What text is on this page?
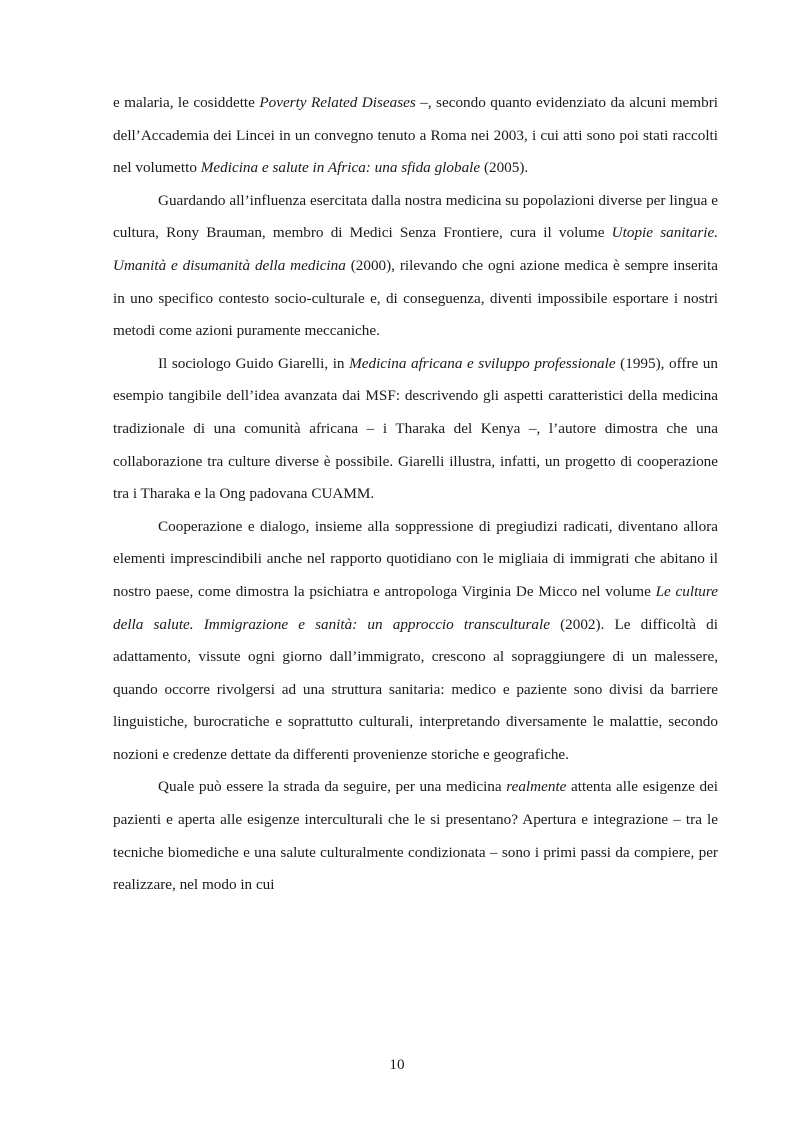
e malaria, le cosiddette Poverty Related Diseases –, secondo quanto evidenziato da alcuni membri dell’Accademia dei Lincei in un convegno tenuto a Roma nei 2003, i cui atti sono poi stati raccolti nel volumetto Medicina e salute in Africa: una sfida globale (2005).

Guardando all’influenza esercitata dalla nostra medicina su popolazioni diverse per lingua e cultura, Rony Brauman, membro di Medici Senza Frontiere, cura il volume Utopie sanitarie. Umanità e disumanità della medicina (2000), rilevando che ogni azione medica è sempre inserita in uno specifico contesto socio-culturale e, di conseguenza, diventi impossibile esportare i nostri metodi come azioni puramente meccaniche.

Il sociologo Guido Giarelli, in Medicina africana e sviluppo professionale (1995), offre un esempio tangibile dell’idea avanzata dai MSF: descrivendo gli aspetti caratteristici della medicina tradizionale di una comunità africana – i Tharaka del Kenya –, l’autore dimostra che una collaborazione tra culture diverse è possibile. Giarelli illustra, infatti, un progetto di cooperazione tra i Tharaka e la Ong padovana CUAMM.

Cooperazione e dialogo, insieme alla soppressione di pregiudizi radicati, diventano allora elementi imprescindibili anche nel rapporto quotidiano con le migliaia di immigrati che abitano il nostro paese, come dimostra la psichiatra e antropologa Virginia De Micco nel volume Le culture della salute. Immigrazione e sanità: un approccio transculturale (2002). Le difficoltà di adattamento, vissute ogni giorno dall’immigrato, crescono al sopraggiungere di un malessere, quando occorre rivolgersi ad una struttura sanitaria: medico e paziente sono divisi da barriere linguistiche, burocratiche e soprattutto culturali, interpretando diversamente le malattie, secondo nozioni e credenze dettate da differenti provenienze storiche e geografiche.

Quale può essere la strada da seguire, per una medicina realmente attenta alle esigenze dei pazienti e aperta alle esigenze interculturali che le si presentano? Apertura e integrazione – tra le tecniche biomediche e una salute culturalmente condizionata – sono i primi passi da compiere, per realizzare, nel modo in cui

10
